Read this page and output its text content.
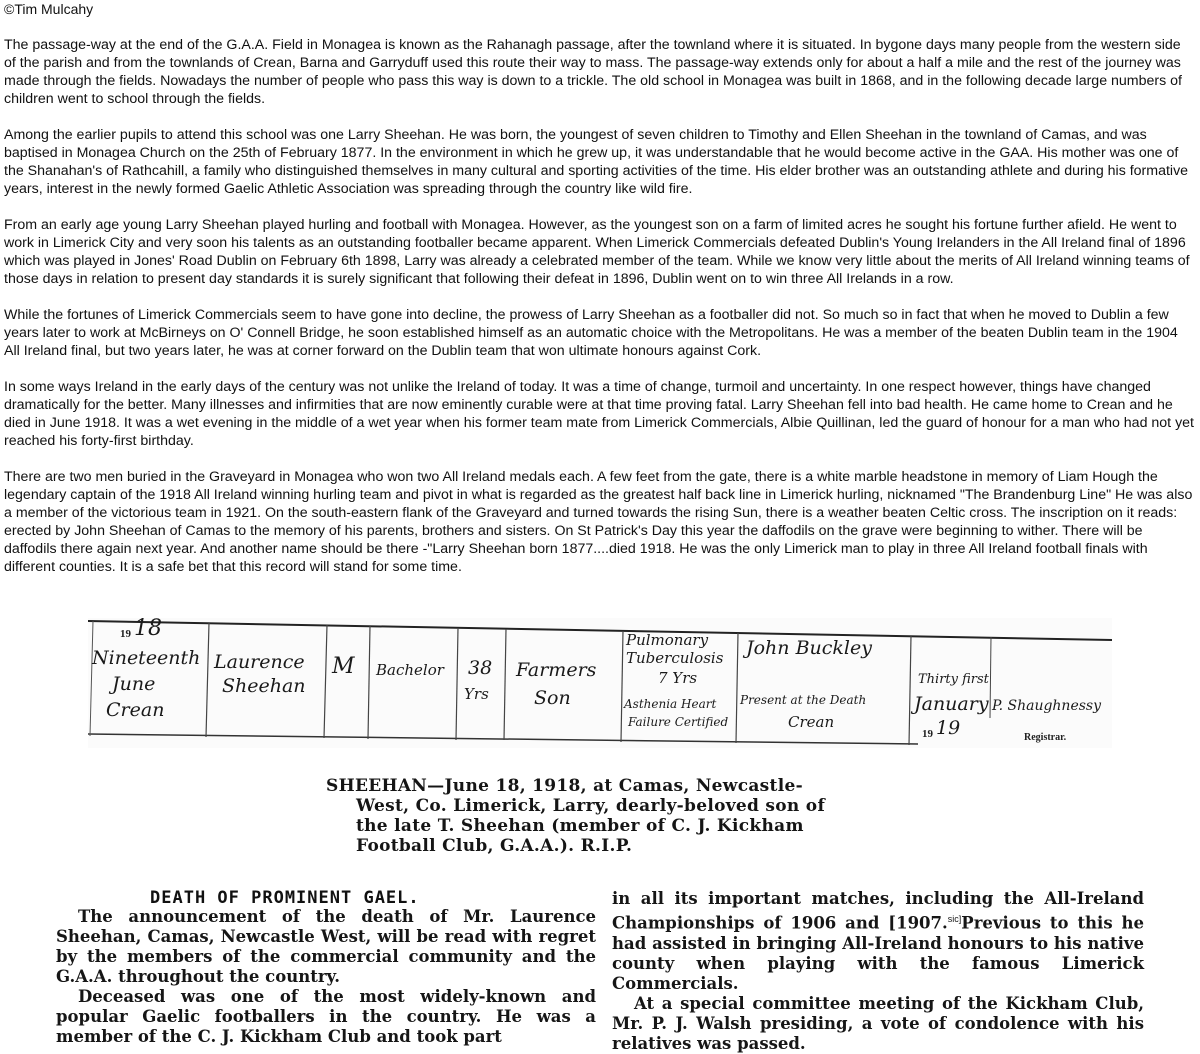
©Tim Mulcahy

The passage-way at the end of the G.A.A. Field in Monagea is known as the Rahanagh passage, after the townland where it is situated. In bygone days many people from the western side of the parish and from the townlands of Crean, Barna and Garryduff used this route their way to mass. The passage-way extends only for about a half a mile and the rest of the journey was made through the fields. Nowadays the number of people who pass this way is down to a trickle. The old school in Monagea was built in 1868, and in the following decade large numbers of children went to school through the fields.

Among the earlier pupils to attend this school was one Larry Sheehan. He was born, the youngest of seven children to Timothy and Ellen Sheehan in the townland of Camas, and was baptised in Monagea Church on the 25th of February 1877. In the environment in which he grew up, it was understandable that he would become active in the GAA. His mother was one of the Shanahan's of Rathcahill, a family who distinguished themselves in many cultural and sporting activities of the time. His elder brother was an outstanding athlete and during his formative years, interest in the newly formed Gaelic Athletic Association was spreading through the country like wild fire.

From an early age young Larry Sheehan played hurling and football with Monagea. However, as the youngest son on a farm of limited acres he sought his fortune further afield. He went to work in Limerick City and very soon his talents as an outstanding footballer became apparent. When Limerick Commercials defeated Dublin's Young Irelanders in the All Ireland final of 1896 which was played in Jones' Road Dublin on February 6th 1898, Larry was already a celebrated member of the team. While we know very little about the merits of All Ireland winning teams of those days in relation to present day standards it is surely significant that following their defeat in 1896, Dublin went on to win three All Irelands in a row.

While the fortunes of Limerick Commercials seem to have gone into decline, the prowess of Larry Sheehan as a footballer did not. So much so in fact that when he moved to Dublin a few years later to work at McBirneys on O' Connell Bridge, he soon established himself as an automatic choice with the Metropolitans. He was a member of the beaten Dublin team in the 1904 All Ireland final, but two years later, he was at corner forward on the Dublin team that won ultimate honours against Cork.

In some ways Ireland in the early days of the century was not unlike the Ireland of today. It was a time of change, turmoil and uncertainty. In one respect however, things have changed dramatically for the better. Many illnesses and infirmities that are now eminently curable were at that time proving fatal. Larry Sheehan fell into bad health. He came home to Crean and he died in June 1918. It was a wet evening in the middle of a wet year when his former team mate from Limerick Commercials, Albie Quillinan, led the guard of honour for a man who had not yet reached his forty-first birthday.

There are two men buried in the Graveyard in Monagea who won two All Ireland medals each. A few feet from the gate, there is a white marble headstone in memory of Liam Hough the legendary captain of the 1918 All Ireland winning hurling team and pivot in what is regarded as the greatest half back line in Limerick hurling, nicknamed "The Brandenburg Line" He was also a member of the victorious team in 1921. On the south-eastern flank of the Graveyard and turned towards the rising Sun, there is a weather beaten Celtic cross. The inscription on it reads: erected by John Sheehan of Camas to the memory of his parents, brothers and sisters. On St Patrick's Day this year the daffodils on the grave were beginning to wither. There will be daffodils there again next year. And another name should be there -"Larry Sheehan born 1877....died 1918. He was the only Limerick man to play in three All Ireland football finals with different counties. It is a safe bet that this record will stand for some time.

19 18
Nineteenth
June
Crean
Laurence
Sheehan
M Bachelor 38
Yrs
Farmers
Son
Pulmonary
Tuberculosis
7 Yrs
Asthenia Heart
Failure Certified
John Buckley
Present at the Death
Crean
Thirty first
January
19 19
P. Shaughnessy
Registrar.
SHEEHAN—June 18, 1918, at Camas, Newcastle-
West, Co. Limerick, Larry, dearly-beloved son of
the late T. Sheehan (member of C. J. Kickham
Football Club, G.A.A.). R.I.P.
DEATH OF PROMINENT GAEL.

The announcement of the death of Mr. Laurence Sheehan, Camas, Newcastle West, will be read with regret by the members of the commercial community and the G.A.A. throughout the country.

Deceased was one of the most widely-known and popular Gaelic footballers in the country. He was a member of the C. J. Kickham Club and took part

in all its important matches, including the All-Ireland Championships of 1906 and [1907.$^{sic]}$Previous to this he had assisted in bringing All-Ireland honours to his native county when playing with the famous Limerick Commercials.

At a special committee meeting of the Kickham Club, Mr. P. J. Walsh presiding, a vote of condolence with his relatives was passed.
